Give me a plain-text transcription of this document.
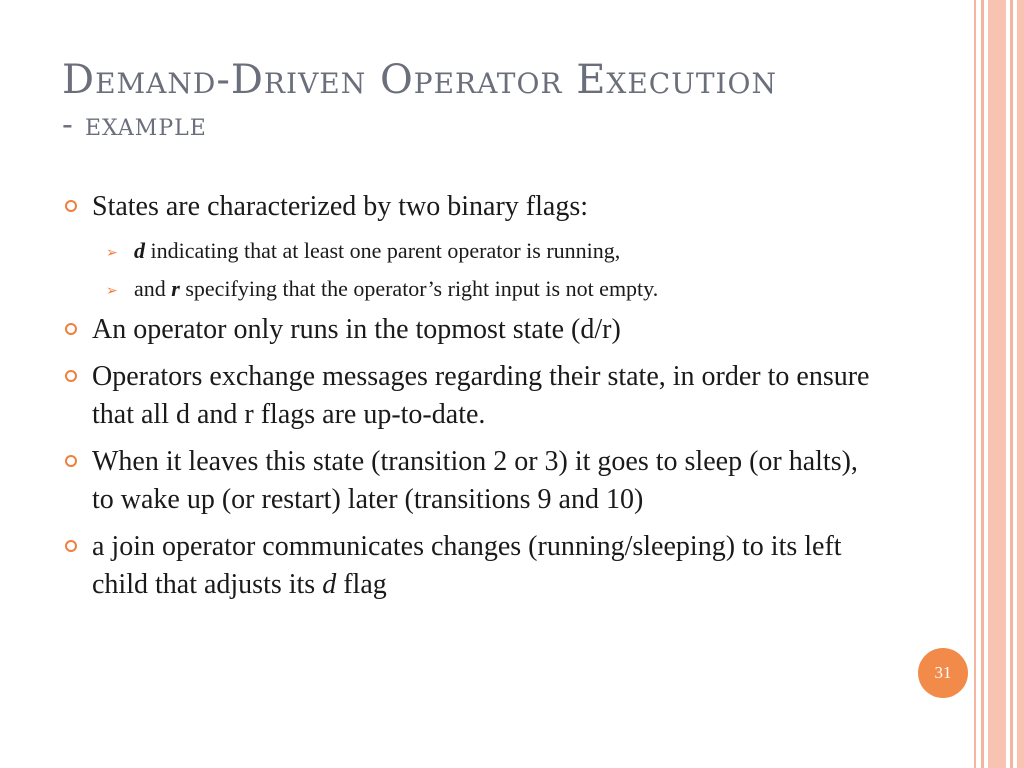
Demand-Driven Operator Execution
- example
States are characterized by two binary flags:
➢ d indicating that at least one parent operator is running,
➢ and r specifying that the operator’s right input is not empty.
An operator only runs in the topmost state (d/r)
Operators exchange messages regarding their state, in order to ensure that all d and r flags are up-to-date.
When it leaves this state (transition 2 or 3) it goes to sleep (or halts), to wake up (or restart) later (transitions 9 and 10)
a join operator communicates changes (running/sleeping) to its left child that adjusts its d flag
31
